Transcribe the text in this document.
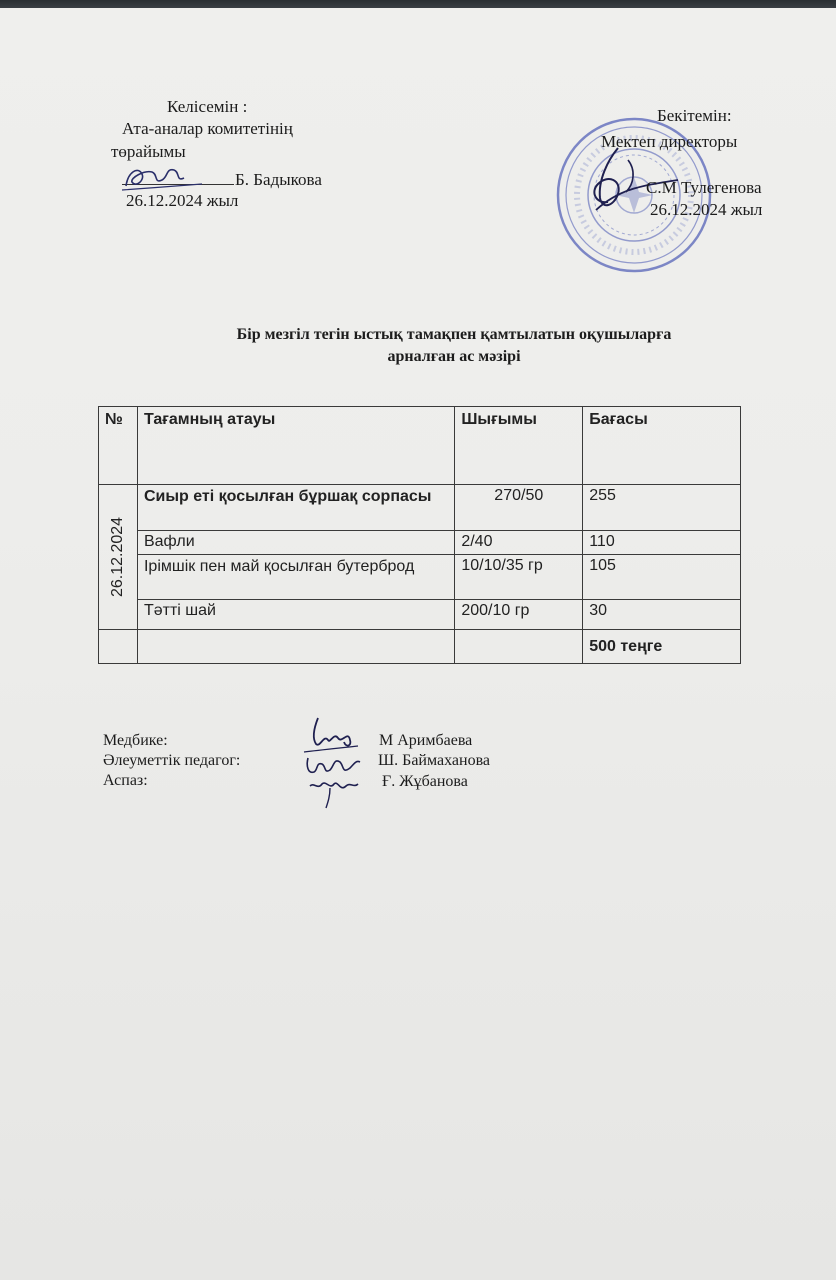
Келісемін :
Ата-аналар комитетінің
төрайымы
Б. Бадыкова
26.12.2024 жыл
Бекітемін:
Мектеп директоры
С.М Тулегенова
26.12.2024 жыл
Бір мезгіл тегін ыстық тамақпен қамтылатын оқушыларға
арналған ас мәзірі
№	Тағамның атауы	Шығымы	Бағасы

26.12.2024	Сиыр еті қосылған бұршақ сорпасы	270/50	255
	Вафли	2/40	110
	Ірімшік пен май қосылған бутерброд	10/10/35 гр	105
	Тәтті шай	200/10 гр	30
			500 теңге
Медбике:
Әлеуметтік педагог:
Аспаз:
М Аримбаева
Ш. Баймаханова
Ғ. Жұбанова
